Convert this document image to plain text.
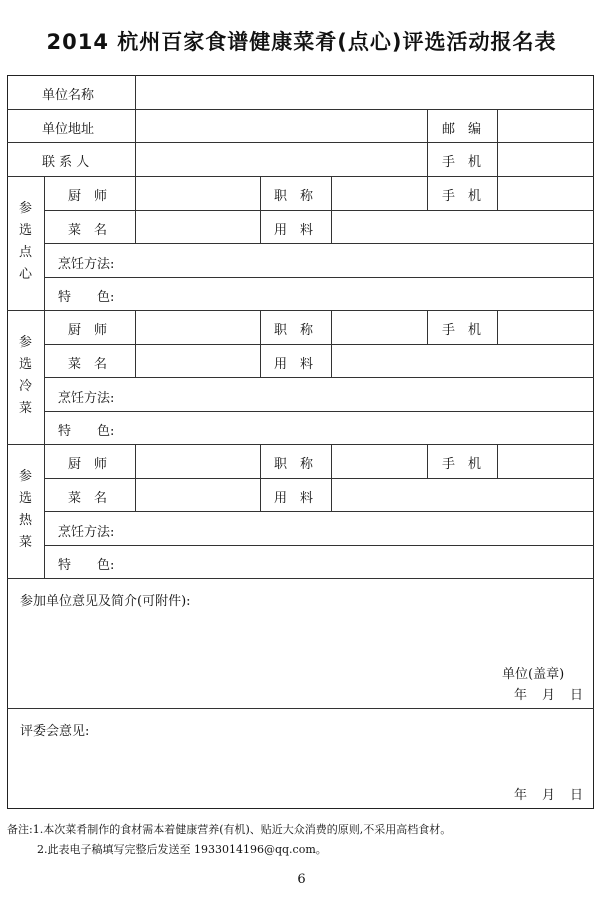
2014 杭州百家食谱健康菜肴(点心)评选活动报名表
单位名称
单位地址	邮　编
联 系 人	手　机
参
选
点
心
厨　师	职　称	手　机
菜　名	用　料
烹饪方法:
特　　色:
参
选
冷
菜
厨　师	职　称	手　机
菜　名	用　料
烹饪方法:
特　　色:
参
选
热
菜
厨　师	职　称	手　机
菜　名	用　料
烹饪方法:
特　　色:
参加单位意见及简介(可附件):
单位(盖章)
年　月　日
评委会意见:
年　月　日
备注:1.本次菜肴制作的食材需本着健康营养(有机)、贴近大众消费的原则,不采用高档食材。
2.此表电子稿填写完整后发送至 1933014196@qq.com。
6
